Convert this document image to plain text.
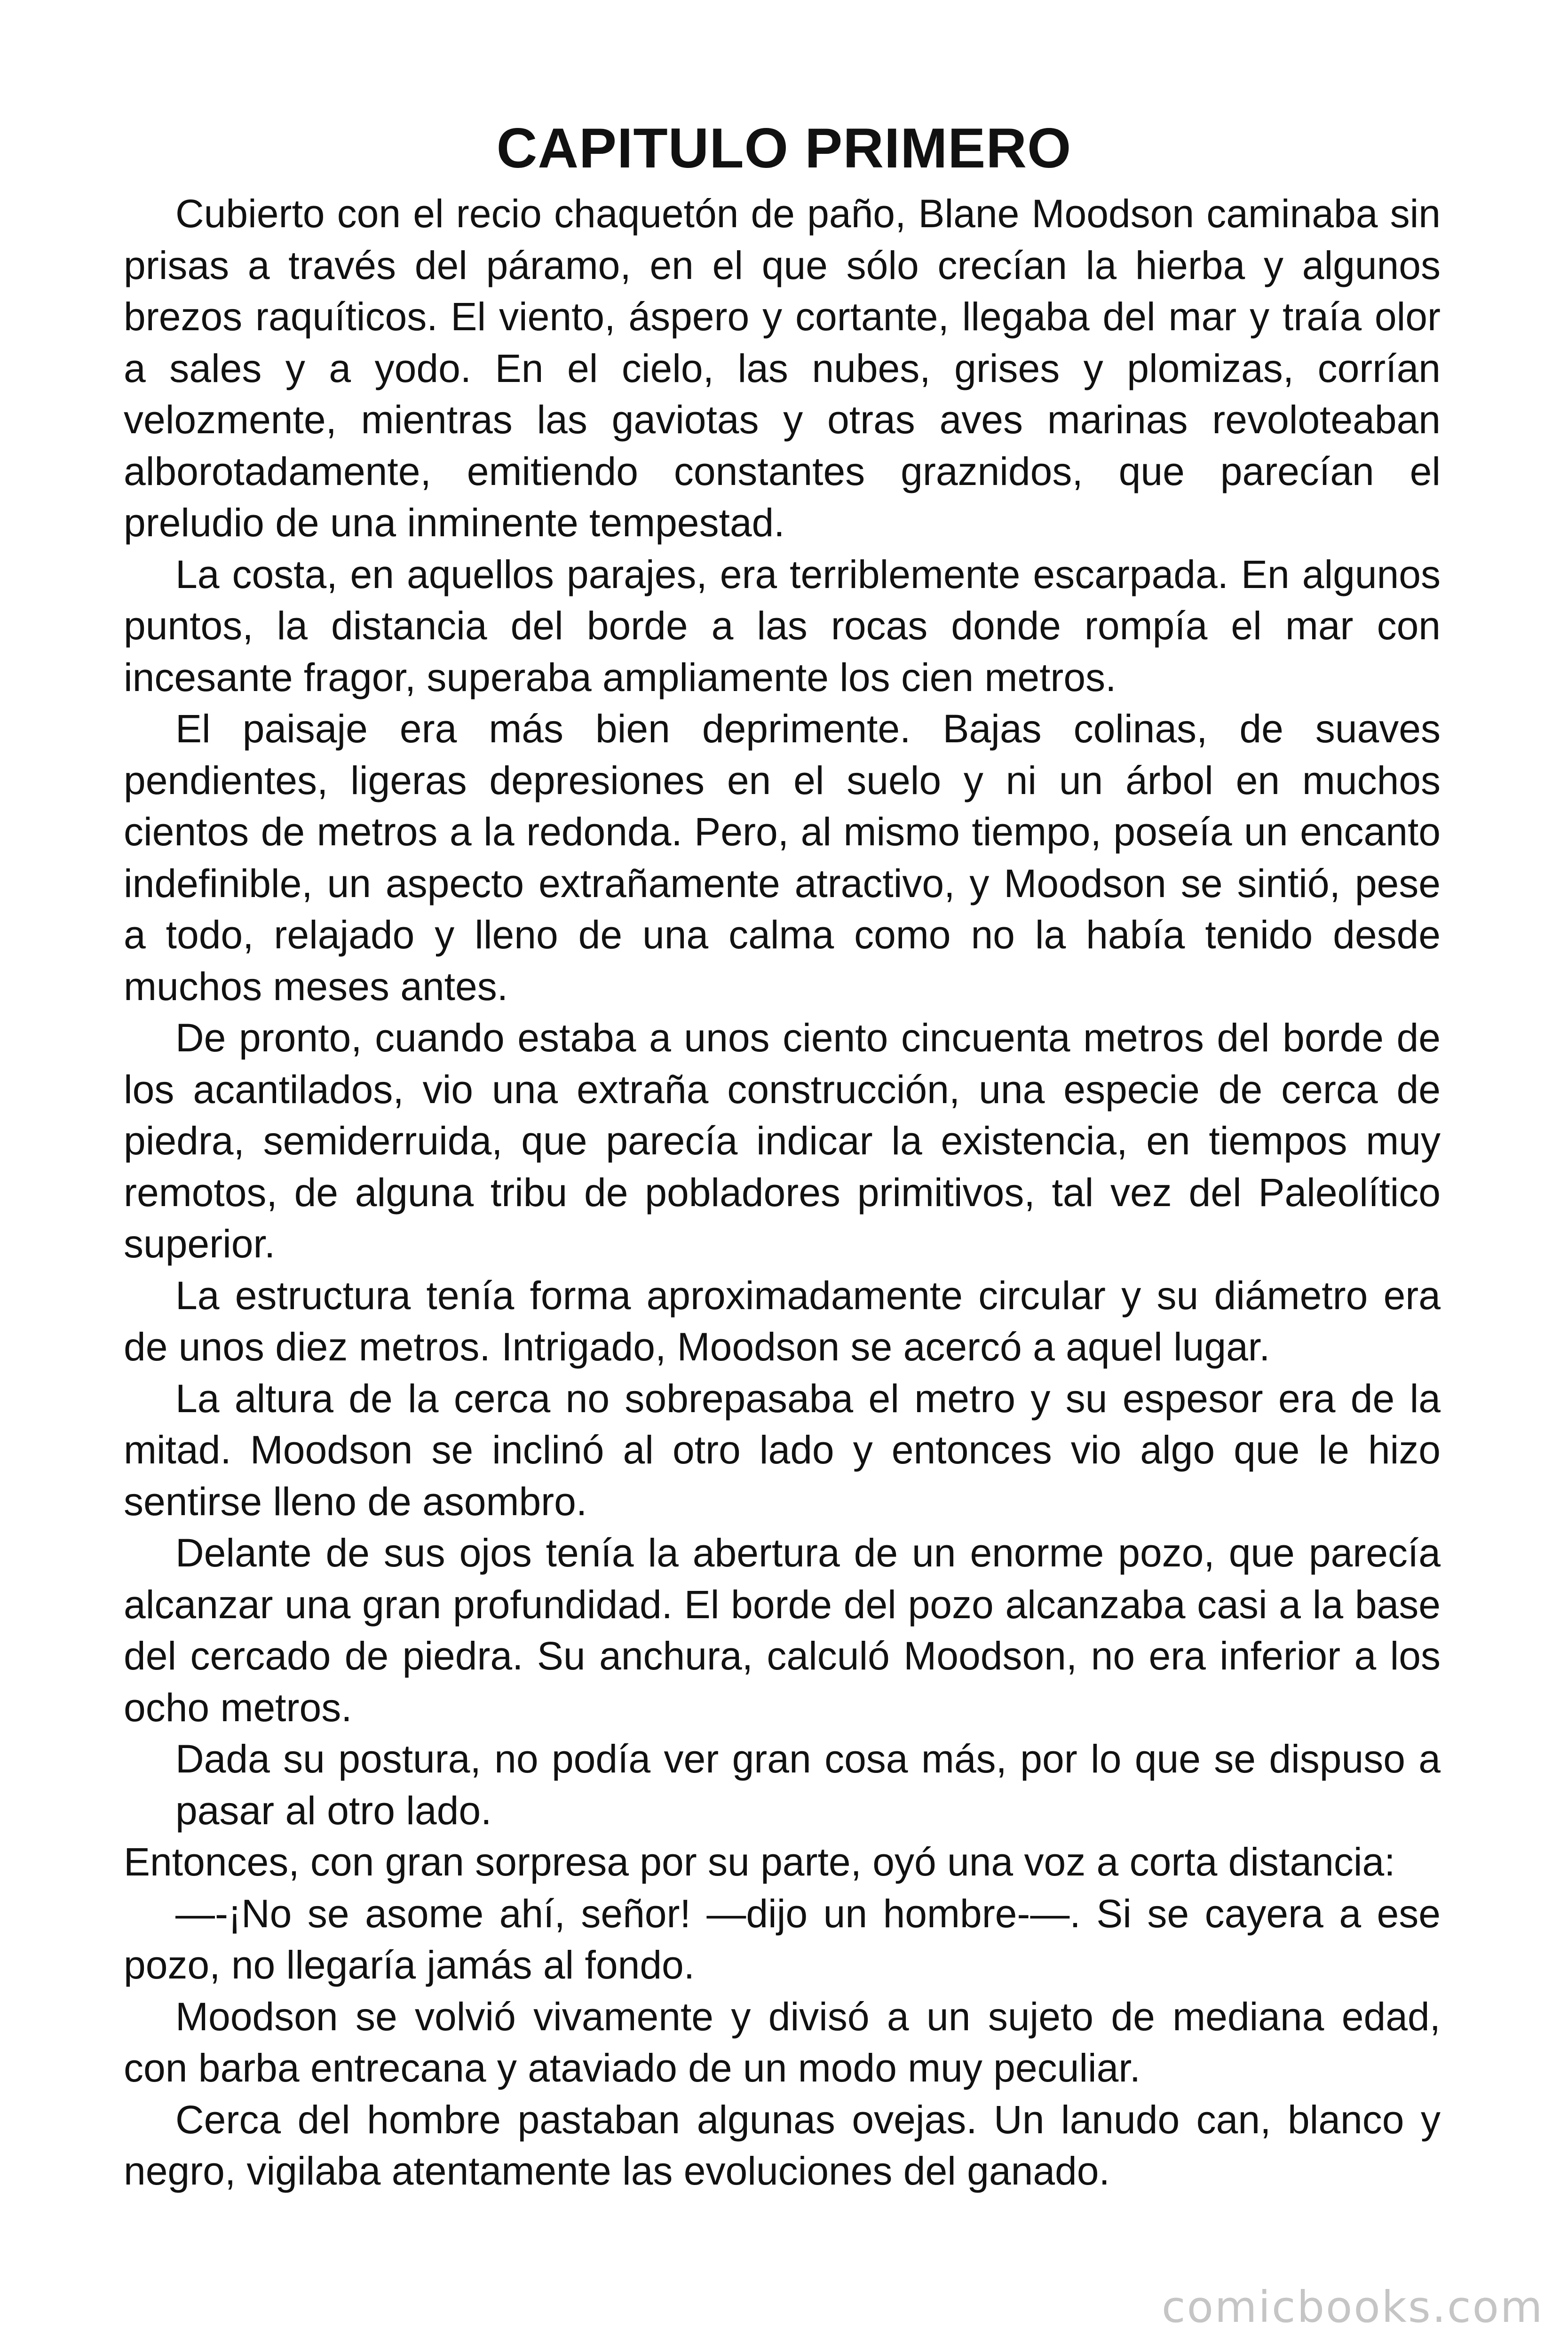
CAPITULO PRIMERO

Cubierto con el recio chaquetón de paño, Blane Moodson caminaba sin prisas a través del páramo, en el que sólo crecían la hierba y algunos brezos raquíticos. El viento, áspero y cortante, llegaba del mar y traía olor a sales y a yodo. En el cielo, las nubes, grises y plomizas, corrían velozmente, mientras las gaviotas y otras aves marinas revoloteaban alborotadamente, emitiendo constantes graznidos, que parecían el preludio de una inminente tempestad.

La costa, en aquellos parajes, era terriblemente escarpada. En algunos puntos, la distancia del borde a las rocas donde rompía el mar con incesante fragor, superaba ampliamente los cien metros.

El paisaje era más bien deprimente. Bajas colinas, de suaves pendientes, ligeras depresiones en el suelo y ni un árbol en muchos cientos de metros a la redonda. Pero, al mismo tiempo, poseía un encanto indefinible, un aspecto extrañamente atractivo, y Moodson se sintió, pese a todo, relajado y lleno de una calma como no la había tenido desde muchos meses antes.

De pronto, cuando estaba a unos ciento cincuenta metros del borde de los acantilados, vio una extraña construcción, una especie de cerca de piedra, semiderruida, que parecía indicar la existencia, en tiempos muy remotos, de alguna tribu de pobladores primitivos, tal vez del Paleolítico superior.

La estructura tenía forma aproximadamente circular y su diámetro era de unos diez metros. Intrigado, Moodson se acercó a aquel lugar.

La altura de la cerca no sobrepasaba el metro y su espesor era de la mitad. Moodson se inclinó al otro lado y entonces vio algo que le hizo sentirse lleno de asombro.

Delante de sus ojos tenía la abertura de un enorme pozo, que parecía alcanzar una gran profundidad. El borde del pozo alcanzaba casi a la base del cercado de piedra. Su anchura, calculó Moodson, no era inferior a los ocho metros.

Dada su postura, no podía ver gran cosa más, por lo que se dispuso a pasar al otro lado.

Entonces, con gran sorpresa por su parte, oyó una voz a corta distancia:

—-¡No se asome ahí, señor! —dijo un hombre-—. Si se cayera a ese pozo, no llegaría jamás al fondo.

Moodson se volvió vivamente y divisó a un sujeto de mediana edad, con barba entrecana y ataviado de un modo muy peculiar.

Cerca del hombre pastaban algunas ovejas. Un lanudo can, blanco y negro, vigilaba atentamente las evoluciones del ganado.

comicbooks.com
